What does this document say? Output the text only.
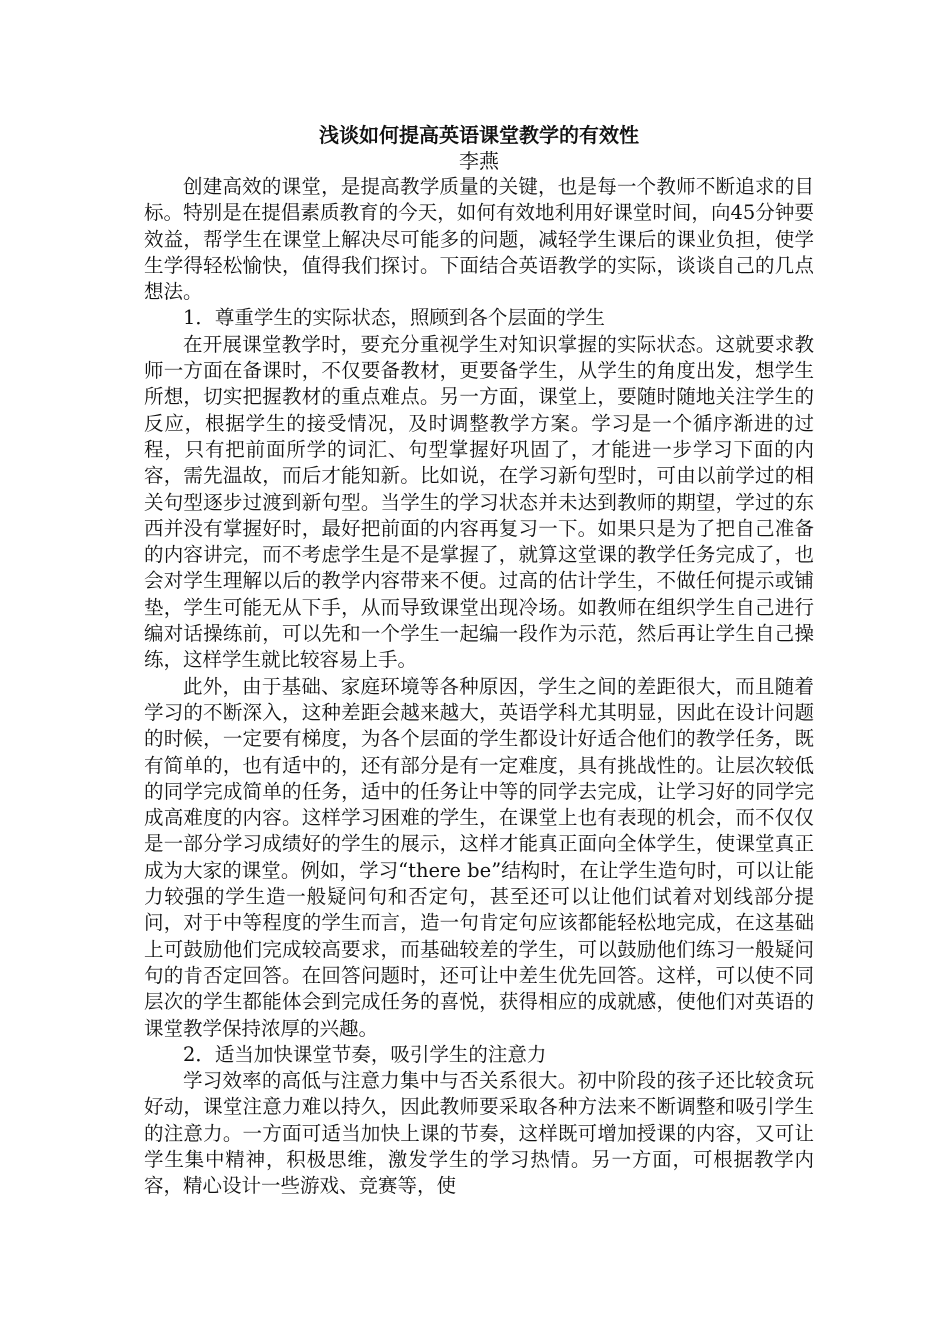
浅谈如何提高英语课堂教学的有效性
李燕

创建高效的课堂，是提高教学质量的关键，也是每一个教师不断追求的目标。特别是在提倡素质教育的今天，如何有效地利用好课堂时间，向45分钟要效益，帮学生在课堂上解决尽可能多的问题，减轻学生课后的课业负担，使学生学得轻松愉快，值得我们探讨。下面结合英语教学的实际，谈谈自己的几点想法。

1．尊重学生的实际状态，照顾到各个层面的学生

在开展课堂教学时，要充分重视学生对知识掌握的实际状态。这就要求教师一方面在备课时，不仅要备教材，更要备学生，从学生的角度出发，想学生所想，切实把握教材的重点难点。另一方面，课堂上，要随时随地关注学生的反应，根据学生的接受情况，及时调整教学方案。学习是一个循序渐进的过程，只有把前面所学的词汇、句型掌握好巩固了，才能进一步学习下面的内容，需先温故，而后才能知新。比如说，在学习新句型时，可由以前学过的相关句型逐步过渡到新句型。当学生的学习状态并未达到教师的期望，学过的东西并没有掌握好时，最好把前面的内容再复习一下。如果只是为了把自己准备的内容讲完，而不考虑学生是不是掌握了，就算这堂课的教学任务完成了，也会对学生理解以后的教学内容带来不便。过高的估计学生，不做任何提示或铺垫，学生可能无从下手，从而导致课堂出现冷场。如教师在组织学生自己进行编对话操练前，可以先和一个学生一起编一段作为示范，然后再让学生自己操练，这样学生就比较容易上手。

此外，由于基础、家庭环境等各种原因，学生之间的差距很大，而且随着学习的不断深入，这种差距会越来越大，英语学科尤其明显，因此在设计问题的时候，一定要有梯度，为各个层面的学生都设计好适合他们的教学任务，既有简单的，也有适中的，还有部分是有一定难度，具有挑战性的。让层次较低的同学完成简单的任务，适中的任务让中等的同学去完成，让学习好的同学完成高难度的内容。这样学习困难的学生，在课堂上也有表现的机会，而不仅仅是一部分学习成绩好的学生的展示，这样才能真正面向全体学生，使课堂真正成为大家的课堂。例如，学习“there be”结构时，在让学生造句时，可以让能力较强的学生造一般疑问句和否定句，甚至还可以让他们试着对划线部分提问，对于中等程度的学生而言，造一句肯定句应该都能轻松地完成，在这基础上可鼓励他们完成较高要求，而基础较差的学生，可以鼓励他们练习一般疑问句的肯否定回答。在回答问题时，还可让中差生优先回答。这样，可以使不同层次的学生都能体会到完成任务的喜悦，获得相应的成就感，使他们对英语的课堂教学保持浓厚的兴趣。

2．适当加快课堂节奏，吸引学生的注意力

学习效率的高低与注意力集中与否关系很大。初中阶段的孩子还比较贪玩好动，课堂注意力难以持久，因此教师要采取各种方法来不断调整和吸引学生的注意力。一方面可适当加快上课的节奏，这样既可增加授课的内容，又可让学生集中精神，积极思维，激发学生的学习热情。另一方面，可根据教学内容，精心设计一些游戏、竞赛等，使
